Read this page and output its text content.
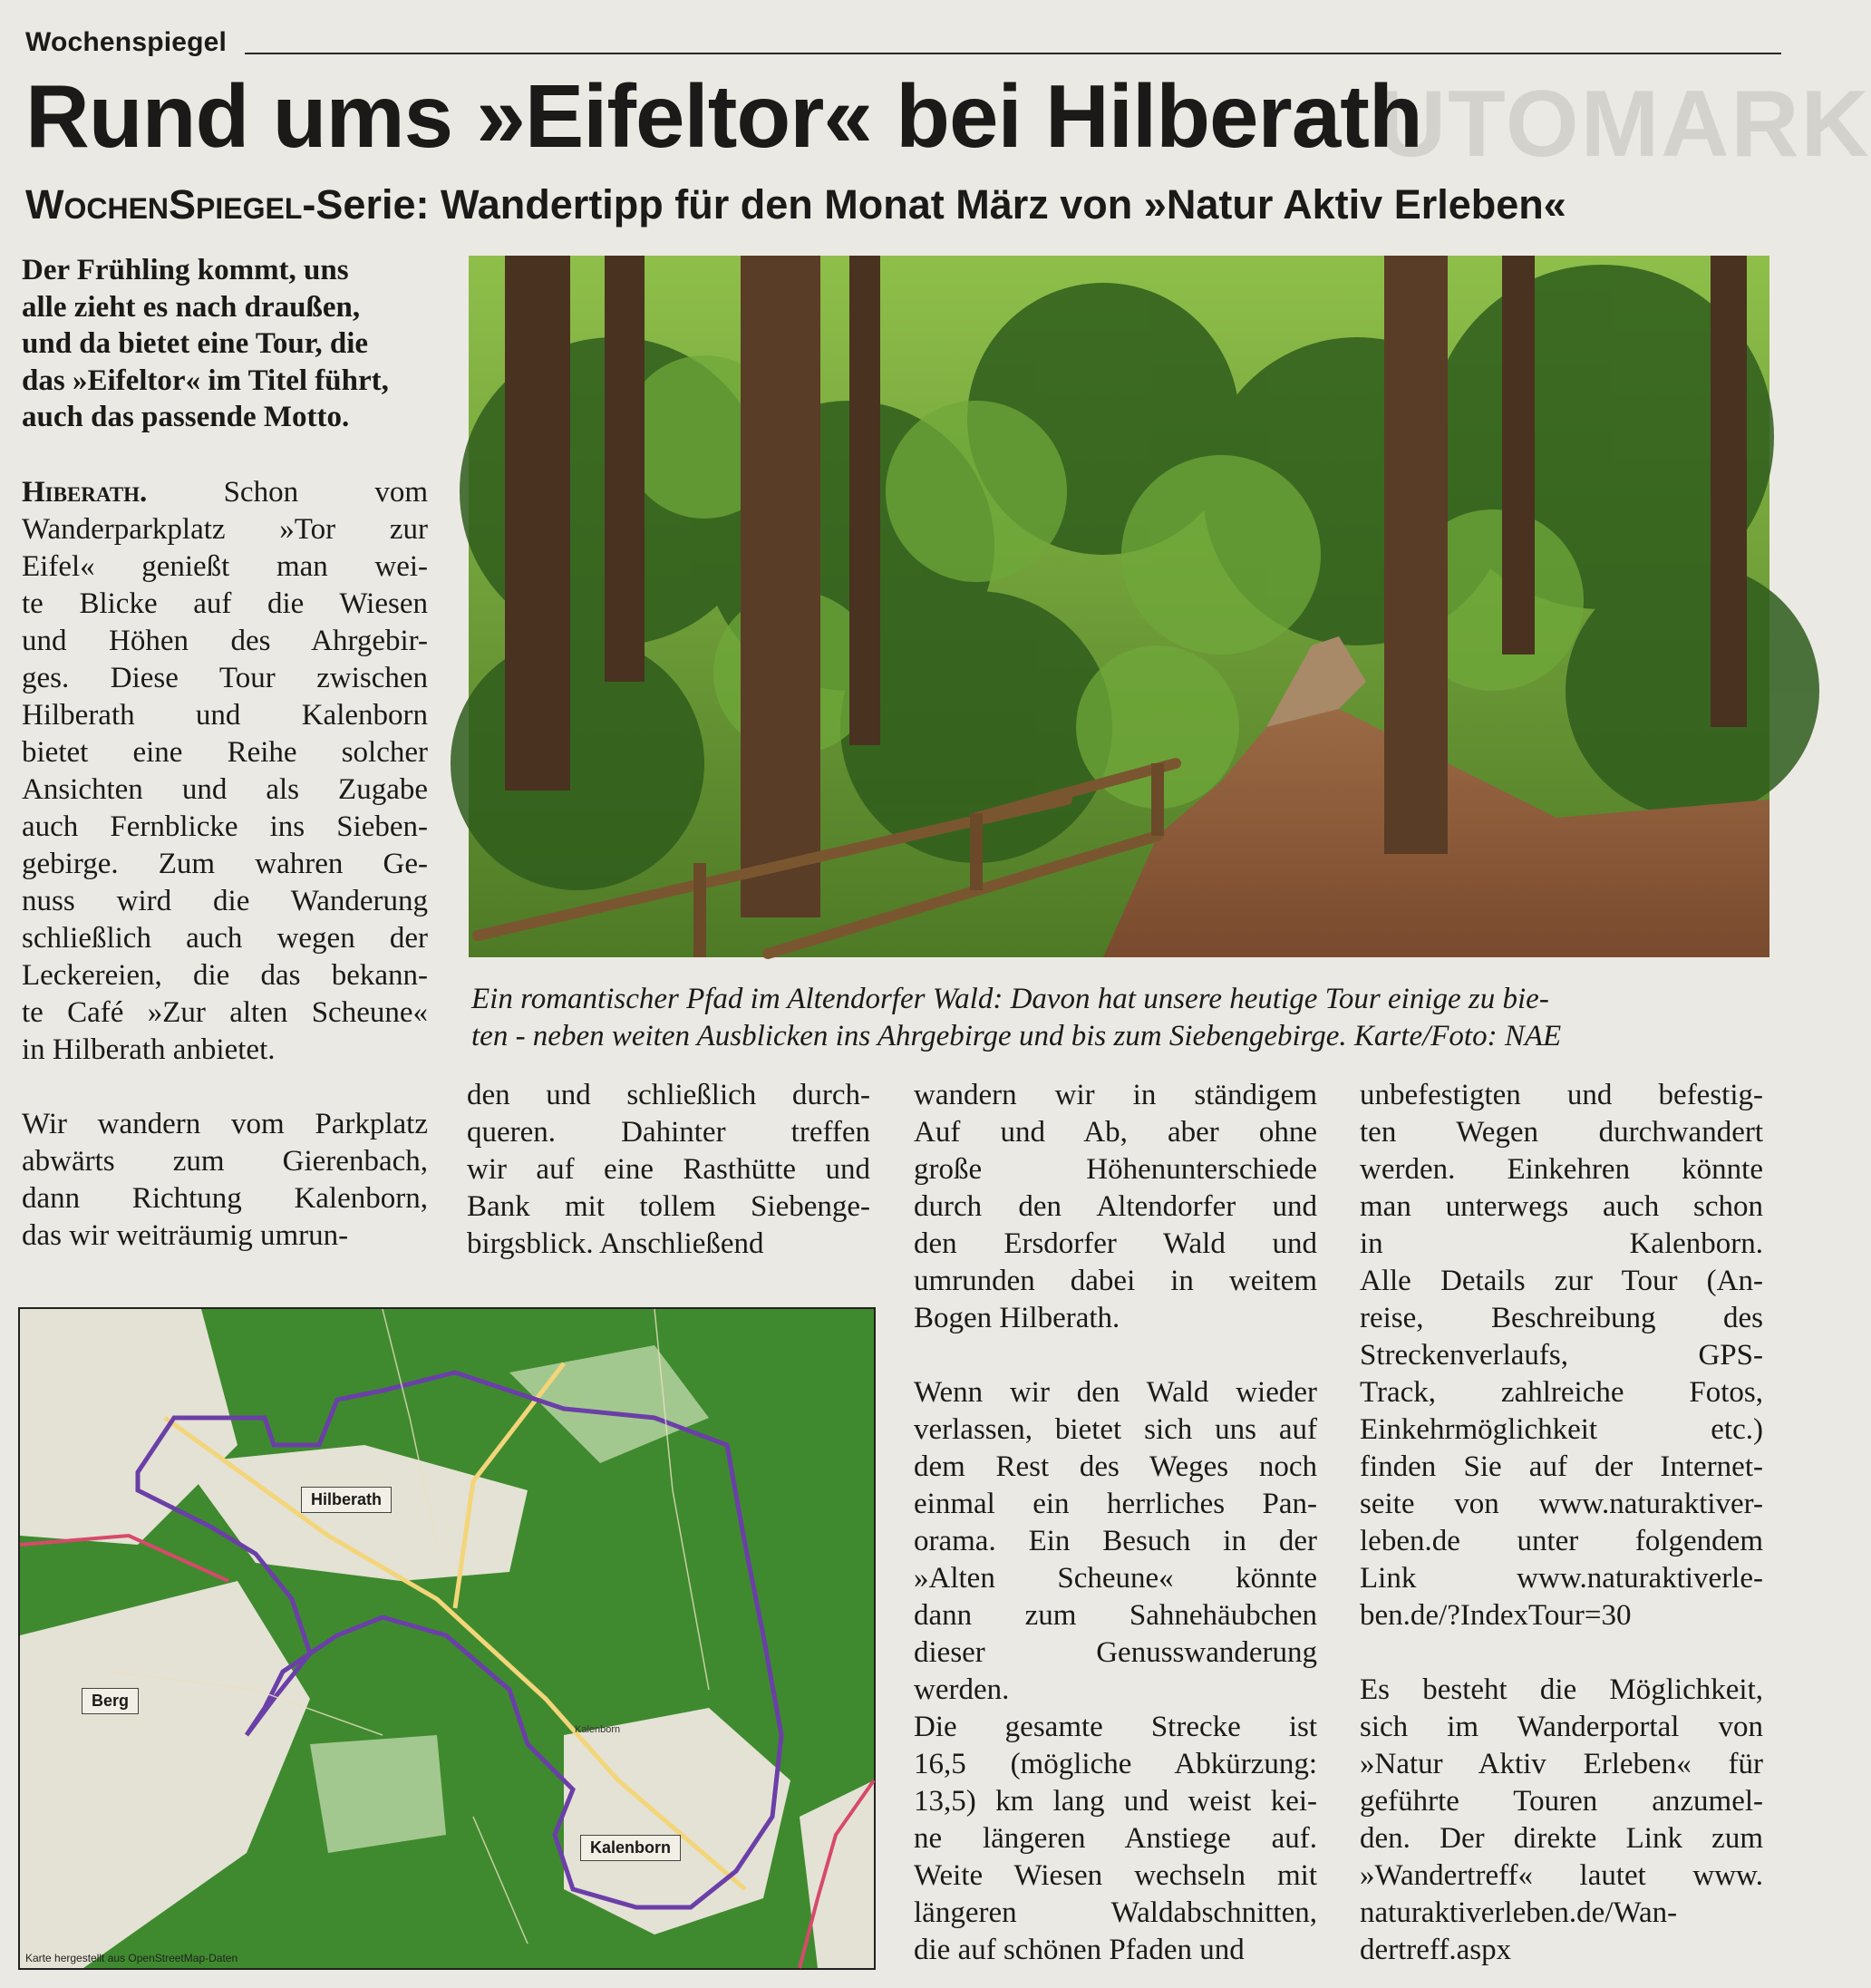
Wochenspiegel
UTOMARK
Rund ums »Eifeltor« bei Hilberath
WochenSpiegel-Serie: Wandertipp für den Monat März von »Natur Aktiv Erleben«
Der Frühling kommt, uns
alle zieht es nach draußen,
und da bietet eine Tour, die
das »Eifeltor« im Titel führt,
auch das passende Motto.
Hiberath.	Schon vom
Wanderparkplatz »Tor zur
Eifel« genießt man wei-
te Blicke auf die Wiesen
und Höhen des Ahrgebir-
ges. Diese Tour zwischen
Hilberath und Kalenborn
bietet eine Reihe solcher
Ansichten und als Zugabe
auch Fernblicke ins Sieben-
gebirge. Zum wahren Ge-
nuss wird die Wanderung
schließlich auch wegen der
Leckereien, die das bekann-
te Café »Zur alten Scheune«
in Hilberath anbietet.
Wir wandern vom Parkplatz
abwärts zum Gierenbach,
dann Richtung Kalenborn,
das wir weiträumig umrun-
Ein romantischer Pfad im Altendorfer Wald: Davon hat unsere heutige Tour einige zu bie-
ten - neben weiten Ausblicken ins Ahrgebirge und bis zum Siebengebirge. Karte/Foto: NAE
den und schließlich durch-
queren. Dahinter treffen
wir auf eine Rasthütte und
Bank mit tollem Siebenge-
birgsblick. Anschließend
wandern wir in ständigem
Auf und Ab, aber ohne
große Höhenunterschiede
durch den Altendorfer und
den Ersdorfer Wald und
umrunden dabei in weitem
Bogen Hilberath.
Wenn wir den Wald wieder
verlassen, bietet sich uns auf
dem Rest des Weges noch
einmal ein herrliches Pan-
orama. Ein Besuch in der
»Alten Scheune« könnte
dann zum Sahnehäubchen
dieser Genusswanderung
werden.
Die gesamte Strecke ist
16,5 (mögliche Abkürzung:
13,5) km lang und weist kei-
ne längeren Anstiege auf.
Weite Wiesen wechseln mit
längeren Waldabschnitten,
die auf schönen Pfaden und
unbefestigten und befestig-
ten Wegen durchwandert
werden. Einkehren könnte
man unterwegs auch schon
in Kalenborn.
Alle Details zur Tour (An-
reise, Beschreibung des
Streckenverlaufs, GPS-
Track, zahlreiche Fotos,
Einkehrmöglichkeit etc.)
finden Sie auf der Internet-
seite von www.naturaktiver-
leben.de unter folgendem
Link www.naturaktiverle-
ben.de/?IndexTour=30
Es besteht die Möglichkeit,
sich im Wanderportal von
»Natur Aktiv Erleben« für
geführte Touren anzumel-
den. Der direkte Link zum
»Wandertreff« lautet www.
naturaktiverleben.de/Wan-
dertreff.aspx
Hilberath
Berg
Kalenborn
Kalenborn
Karte hergestellt aus OpenStreetMap-Daten
